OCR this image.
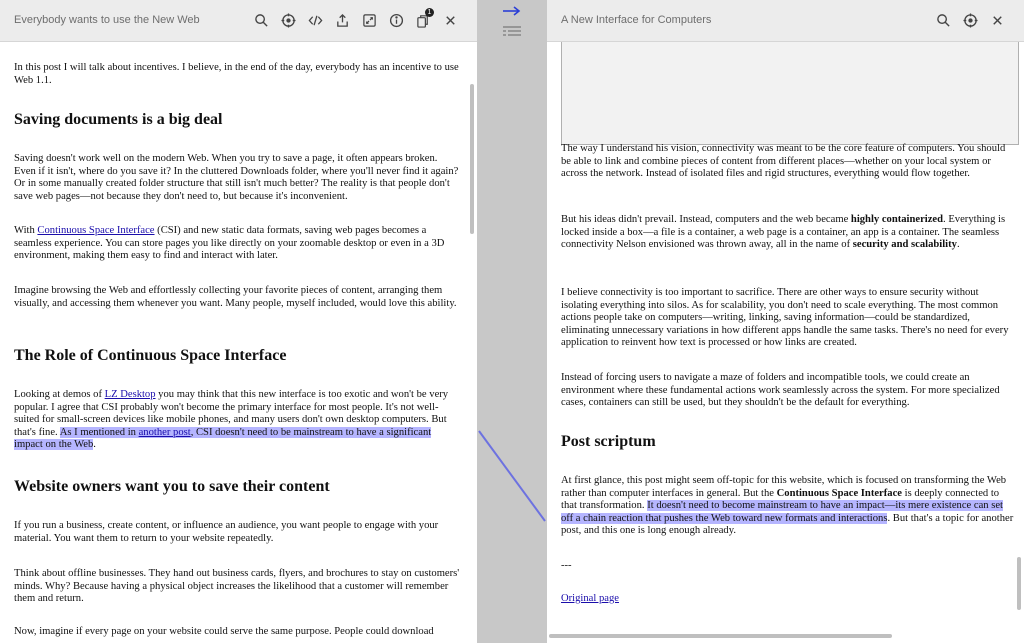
In this post I will talk about incentives. I believe, in the end of the day, everybody has an incentive to use Web 1.1.

Saving documents is a big deal

Saving doesn't work well on the modern Web. When you try to save a page, it often appears broken. Even if it isn't, where do you save it? In the cluttered Downloads folder, where you'll never find it again? Or in some manually created folder structure that still isn't much better? The reality is that people don't save web pages—not because they don't need to, but because it's inconvenient.

With Continuous Space Interface (CSI) and new static data formats, saving web pages becomes a seamless experience. You can store pages you like directly on your zoomable desktop or even in a 3D environment, making them easy to find and interact with later.

Imagine browsing the Web and effortlessly collecting your favorite pieces of content, arranging them visually, and accessing them whenever you want. Many people, myself included, would love this ability.

The Role of Continuous Space Interface

Looking at demos of LZ Desktop you may think that this new interface is too exotic and won't be very popular. I agree that CSI probably won't become the primary interface for most people. It's not well-suited for small-screen devices like mobile phones, and many users don't own desktop computers. But that's fine. As I mentioned in another post, CSI doesn't need to be mainstream to have a significant impact on the Web.

Website owners want you to save their content

If you run a business, create content, or influence an audience, you want people to engage with your material. You want them to return to your website repeatedly.

Think about offline businesses. They hand out business cards, flyers, and brochures to stay on customers' minds. Why? Because having a physical object increases the likelihood that a customer will remember them and return.

Now, imagine if every page on your website could serve the same purpose. People could download

Everybody wants to use the New Web
1

The way I understand his vision, connectivity was meant to be the core feature of computers. You should be able to link and combine pieces of content from different places—whether on your local system or across the network. Instead of isolated files and rigid structures, everything would flow together.

But his ideas didn't prevail. Instead, computers and the web became highly containerized. Everything is locked inside a box—a file is a container, a web page is a container, an app is a container. The seamless connectivity Nelson envisioned was thrown away, all in the name of security and scalability.

I believe connectivity is too important to sacrifice. There are other ways to ensure security without isolating everything into silos. As for scalability, you don't need to scale everything. The most common actions people take on computers—writing, linking, saving information—could be standardized, eliminating unnecessary variations in how different apps handle the same tasks. There's no need for every application to reinvent how text is processed or how links are created.

Instead of forcing users to navigate a maze of folders and incompatible tools, we could create an environment where these fundamental actions work seamlessly across the system. For more specialized cases, containers can still be used, but they shouldn't be the default for everything.

Post scriptum

At first glance, this post might seem off-topic for this website, which is focused on transforming the Web rather than computer interfaces in general. But the Continuous Space Interface is deeply connected to that transformation. It doesn't need to become mainstream to have an impact—its mere existence can set off a chain reaction that pushes the Web toward new formats and interactions. But that's a topic for another post, and this one is long enough already.

---

Original page

A New Interface for Computers
